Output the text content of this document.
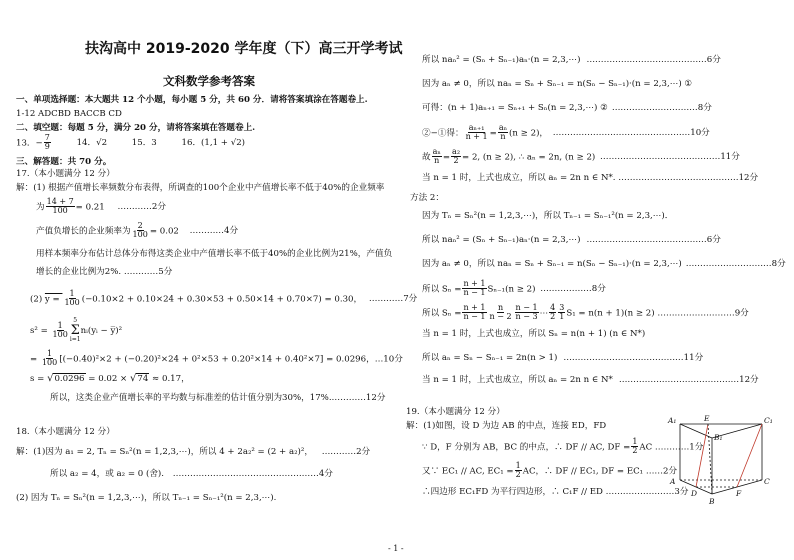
扶沟高中 2019-2020 学年度（下）高三开学考试
文科数学参考答案
一、单项选择题：本大题共 12 个小题，每小题 5 分，共 60 分．请将答案填涂在答题卷上.
1-12 ADCBD BACCB CD
二、填空题：每题 5 分，满分 20 分，请将答案填在答题卷上.
13．− $\frac{7}{9}$	14．√2	15．3	16．(1,1 + √2)
三、解答题：共 70 分。
17.（本小题满分 12 分）
解：(1) 根据产值增长率频数分布表得，所调查的100个企业中产值增长率不低于40%的企业频率
为 $\frac{14 + 7}{100} = 0.21$ …………2分
产值负增长的企业频率为 $\frac{2}{100} = 0.02$ …………4分
用样本频率分布估计总体分布得这类企业中产值增长率不低于40%的企业比例为21%，产值负
增长的企业比例为2%. …………5分
(2) $y = \frac{1}{100} (-0.10\times 2 + 0.10\times 24 + 0.30\times 53 + 0.50\times 14 + 0.70\times 7) = 0.30$， …………7分
$s^2 = \frac{1}{100}$
5
Σ
i=1
nᵢ(yᵢ − y̅)²
= $\frac{1}{100} [(-0.40)^2\times 2 + (-0.20)^2\times 24 + 0^2\times 53 + 0.20^2\times 14 + 0.40^2\times 7] = 0.0296$，…10分
s = √0.0296 = 0.02 × √74 ≈ 0.17，
所以，这类企业产值增长率的平均数与标准差的估计值分别为30%，17%.…………12分
18.（本小题满分 12 分）
解：(1)因为 a₁ = 2, Tₙ = Sₙ²(n = 1,2,3,⋯)，所以 4 + 2a₂² = (2 + a₂)²， …………2分
所以 a₂ = 4，或 a₂ = 0 (舍). ……………………………………………4分
(2) 因为 Tₙ = Sₙ²(n = 1,2,3,⋯)，所以 Tₙ₋₁ = Sₙ₋₁²(n = 2,3,⋯).
所以 naₙ² = (Sₙ + Sₙ₋₁)aₙ·(n = 2,3,⋯) ……………………………………6分
因为 aₙ ≠ 0，所以 naₙ = Sₙ + Sₙ₋₁ = n(Sₙ − Sₙ₋₁)·(n = 2,3,⋯) ①
可得：(n + 1)aₙ₊₁ = Sₙ₊₁ + Sₙ(n = 2,3,⋯) ② …………………………8分
②−①得： $\frac{\text{aₙ₊₁}}{n + 1} = \frac{\text{aₙ}}{n} (n \ge 2)$， …………………………………………10分
故 $\frac{\text{aₙ}}{n} = \frac{\text{a₂}}{2} = 2$, (n ≥ 2), ∴ aₙ = 2n, (n ≥ 2) ……………………………………11分
当 n = 1 时，上式也成立，所以 aₙ = 2n n ∈ N*. ……………………………………12分
方法 2：
因为 Tₙ = Sₙ²(n = 1,2,3,⋯)，所以 Tₙ₋₁ = Sₙ₋₁²(n = 2,3,⋯)．
所以 naₙ² = (Sₙ + Sₙ₋₁)aₙ·(n = 2,3,⋯) ……………………………………6分
因为 aₙ ≠ 0，所以 naₙ = Sₙ + Sₙ₋₁ = n(Sₙ − Sₙ₋₁)·(n = 2,3,⋯) …………………………8分
所以 $S_n = \frac{n + 1}{n - 1} S_{n-1}(n \ge 2)$ ………………8分
所以 $S_n = \frac{n + 1}{n - 1} \frac{n}{n - 2} \frac{n - 1}{n - 3}$ ⋯ $\frac{4}{2} \frac{3}{1} S_1 = n(n + 1)(n \ge 2)$ ………………………9分
当 n = 1 时，上式也成立，所以 Sₙ = n(n + 1) (n ∈ N*)
所以 aₙ = Sₙ − Sₙ₋₁ = 2n(n > 1) ……………………………………11分
当 n = 1 时，上式也成立，所以 aₙ = 2n n ∈ N* ……………………………………12分
19.（本小题满分 12 分）
解：(1)如图，设 D 为边 AB 的中点，连接 ED，FD
∵ D，F 分别为 AB，BC 的中点，∴ DF // AC, DF = $\frac{1}{2}$ AC …………1分
又∵ EC₁ // AC, $EC_1 = \frac{1}{2}$ AC，∴ DF // EC₁, DF = EC₁ ……2分
∴四边形 EC₁FD 为平行四边形，∴ C₁F // ED ……………………3分
A₁	E	C₁
B₁
A
D
B
F
C
- 1 -
